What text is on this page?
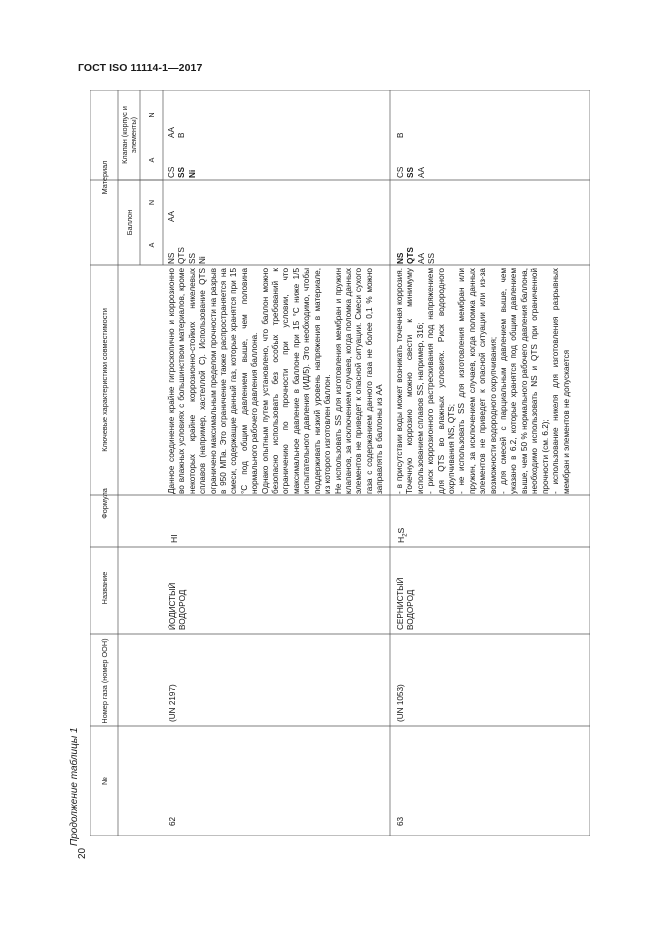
ГОСТ ISO 11114-1—2017
20
Продолжение таблицы 1	№
Номер газа (номер ООН)
Название
Формула
Ключевые характеристики совместимости
Материал
Баллон
Клапан (корпус и элементы)
А
N
А
N
62
(UN 2197)
ЙОДИСТЫЙ ВОДОРОД
HI
Данное соединение крайне гигроскопично и коррозионно во влажных условиях с большинством материалов, кроме некоторых крайне коррозионно-стойких никелевых сплавов (например, хастеллой С). Использование QTS ограничено максимальным пределом прочности на разрыв в 950 МПа. Это ограничение также распространяется на смеси, содержащие данный газ, которые хранятся при 15 °С под общим давлением выше, чем половина нормального рабочего давления баллона. Однако опытным путем установлено, что баллон можно безопасно использовать без особых требований к ограничению по прочности при условии, что максимальное давление в баллоне при 15 °С ниже 1/5 испытательного давления (ИД/5). Это необходимо, чтобы поддерживать низкий уровень напряжения в материале, из которого изготовлен баллон. Не использовать SS для изготовления мембран и пружин клапанов, за исключением случаев, когда поломка данных элементов не приведет к опасной ситуации. Смеси сухого газа с содержанием данного газа не более 0,1 % можно заправлять в баллоны из АА
NS QTS SS Ni
AA
CS SS Ni
AA B
63
(UN 1053)
СЕРНИСТЫЙ ВОДОРОД
$H_2S$
- в присутствии воды может возникать точечная коррозия. Точечную коррозию можно свести к минимуму использованием сплавов SS, например, 316; - риск коррозионного растрескивания под напряжением для QTS во влажных условиях. Риск водородного охрупчивания NS, QTS; - не использовать SS для изготовления мембран или пружин, за исключением случаев, когда поломка данных элементов не приведет к опасной ситуации или из-за возможности водородного охрупчивания; - для смесей с парциальным давлением выше, чем указано в 6.2, которые хранятся под общим давлением выше, чем 50 % нормального рабочего давления баллона, необходимо использовать NS и QTS при ограниченной прочности (см. 6.2); - использование никеля для изготовления разрывных мембран и элементов не допускается
NS QTS AA SS
CS SS AA
B
